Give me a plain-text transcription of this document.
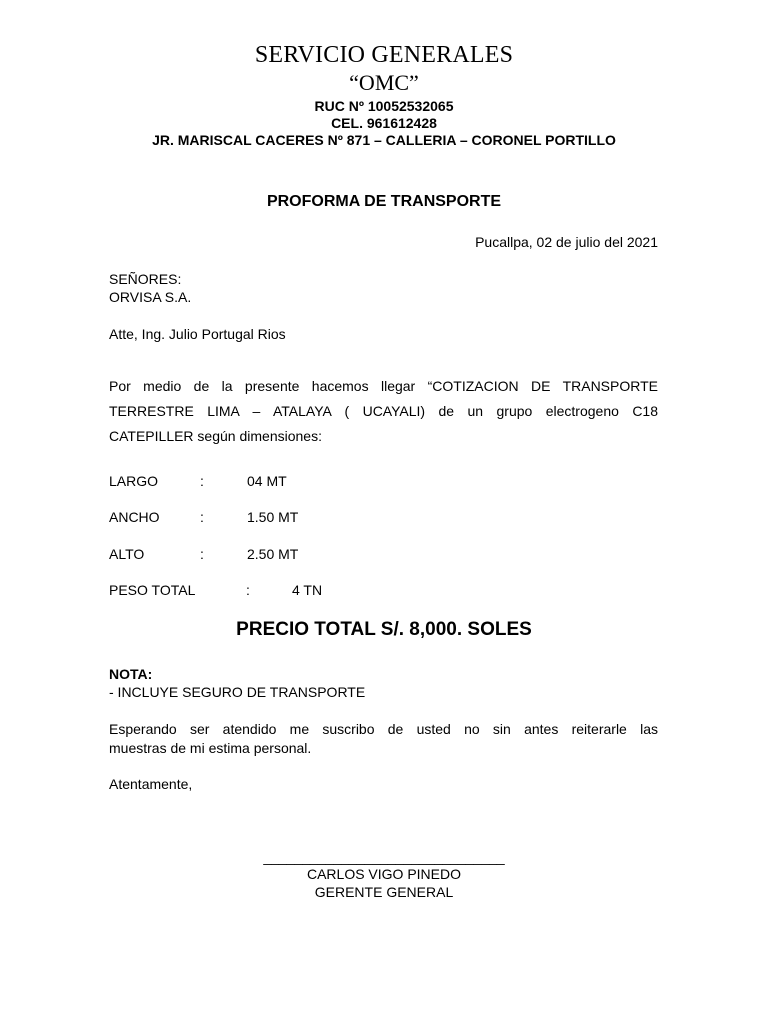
SERVICIO GENERALES
“OMC”
RUC Nº 10052532065
CEL. 961612428
JR. MARISCAL CACERES Nº 871 – CALLERIA – CORONEL PORTILLO
PROFORMA DE TRANSPORTE
Pucallpa, 02 de julio del 2021
SEÑORES:
ORVISA S.A.
Atte, Ing. Julio Portugal Rios
Por medio de la presente hacemos llegar “COTIZACION DE TRANSPORTE
TERRESTRE LIMA – ATALAYA ( UCAYALI) de un grupo electrogeno C18
CATEPILLER según dimensiones:
LARGO	:	04 MT
ANCHO	:	1.50 MT
ALTO	:	2.50 MT
PESO TOTAL	:	4 TN
PRECIO TOTAL S/. 8,000. SOLES
NOTA:
- INCLUYE SEGURO DE TRANSPORTE
Esperando ser atendido me suscribo de usted no sin antes reiterarle las
muestras de mi estima personal.
Atentamente,
_______________________________
CARLOS VIGO PINEDO
GERENTE GENERAL
